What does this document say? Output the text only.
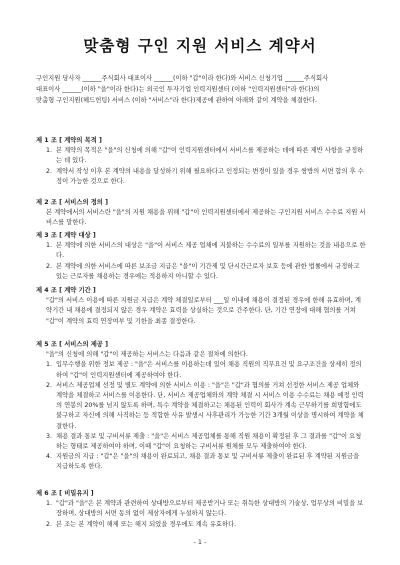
맞춤형 구인 지원 서비스 계약서

구인지원 당사자 ______주식회사 대표이사 ______(이하 "갑"이라 한다)와 서비스 신청기업 ______주식회사

대표이사 ______(이하 "을"이라 한다)는 외국인 투자기업 인력지원센터 (이하 "인력지원센터"라 한다)의

맞춤형 구인지원(헤드헌팅) 서비스 (이하 "서비스"라 한다)제공에 관하여 아래와 같이 계약을 체결한다.

제 1 조 [ 계약의 목적 ]
1. 본 계약의 목적은 "을"의 신청에 의해 "갑"이 인력지원센터에서 서비스를 제공하는 데에 따른 제반 사항을 규정하는 데 있다.
2. 계약서 작성 이후 본 계약의 내용을 달성하기 위해 필요하다고 인정되는 변경이 있을 경우 쌍방의 서면 합의 후 수정이 가능한 것으로 한다.
제 2 조 [ 서비스의 정의 ]

본 계약에서의 서비스란 "을"의 지원 채용을 위해 "갑"이 인력지원센터에서 제공하는 구인지원 서비스 수수료 지원 서비스를 말한다.

제 3 조 [ 계약 대상 ]
1. 본 계약에 의한 서비스의 대상은 "을"이 서비스 제공 업체에 지불하는 수수료의 일부를 지원하는 것을 내용으로 한다.
2. 본 계약에 의한 서비스에 따른 보조금 지급은 "을"이 기간제 및 단시간근로자 보호 등에 관한 법률에서 규정하고 있는 근로자를 채용하는 경우에는 적용하지 아니할 수 있다.
제 4 조 [ 계약 기간 ]

"갑"의 서비스 이용에 따른 지원금 지급은 계약 체결일로부터 ___일 이내에 채용이 결정된 경우에 한해 유효하며, 계약기간 내 채용에 결정되지 않은 경우 계약은 효력을 상실하는 것으로 간주한다. 단, 기간 연장에 대해 협의를 거쳐 "갑"이 계약의 효력 연장여부 및 기한을 최종 결정한다.

제 5 조 [ 서비스의 제공 ]

"을"의 신청에 의해 "갑"이 제공하는 서비스는 다음과 같은 절차에 의한다.

1. 입무수행을 위한 정보 제공 : "을"은 서비스를 이용하는데 있어 채용 직원의 직무요건 및 요구조건을 상세히 정의하여 "갑"이 인력지원센터에 제공하여야 한다.
2. 서비스 제공업체 선정 및 별도 계약에 의한 서비스 이용 : "을"은 "갑"과 협의를 거쳐 선정한 서비스 제공 업체와 계약을 체결하고 서비스를 이용한다. 단, 서비스 제공업체와의 계약 체결 시 서비스 이용 수수료는 채용 예정 인력의 연봉의 20%를 넘지 않도록 하며, 특수 계약을 체결하고는 채용된 인력이 회사가 계속 근무하기를 희망함에도 불구하고 자신에 의해 사직하는 등 적합한 사유 발생시 사후관리가 가능한 기간 3개월 이상을 명시하여 계약을 체결한다.
3. 채용 결과 통보 및 구비서류 제출 : "을"은 서비스 제공업체를 통해 직원 채용이 확정된 후 그 결과를 "갑"이 요청하는 형태로 제공하여야 하며, 이때 "갑"이 요청하는 구비서류 원체를 모두 제출하여야 한다.
4. 지원금의 지급 : "갑"은 "을"의 채용이 완료되고, 채용 결과 통보 및 구비서류 제출이 완료된 후 계약된 지원금을 지급하도록 한다.
제 6 조 [ 비밀유지 ]
1. "갑"과 "을"은 본 계약과 관련하여 상대방으로부터 제공받거나 또는 취득한 상대방의 기술상, 업무상의 비밀을 보장하며, 상대방의 서면 동의 없이 제삼자에게 누설하지 않는다.
2. 본 조는 본 계약이 해제 또는 해지 되었을 경우에도 계속 유효하다.
- 1 -
